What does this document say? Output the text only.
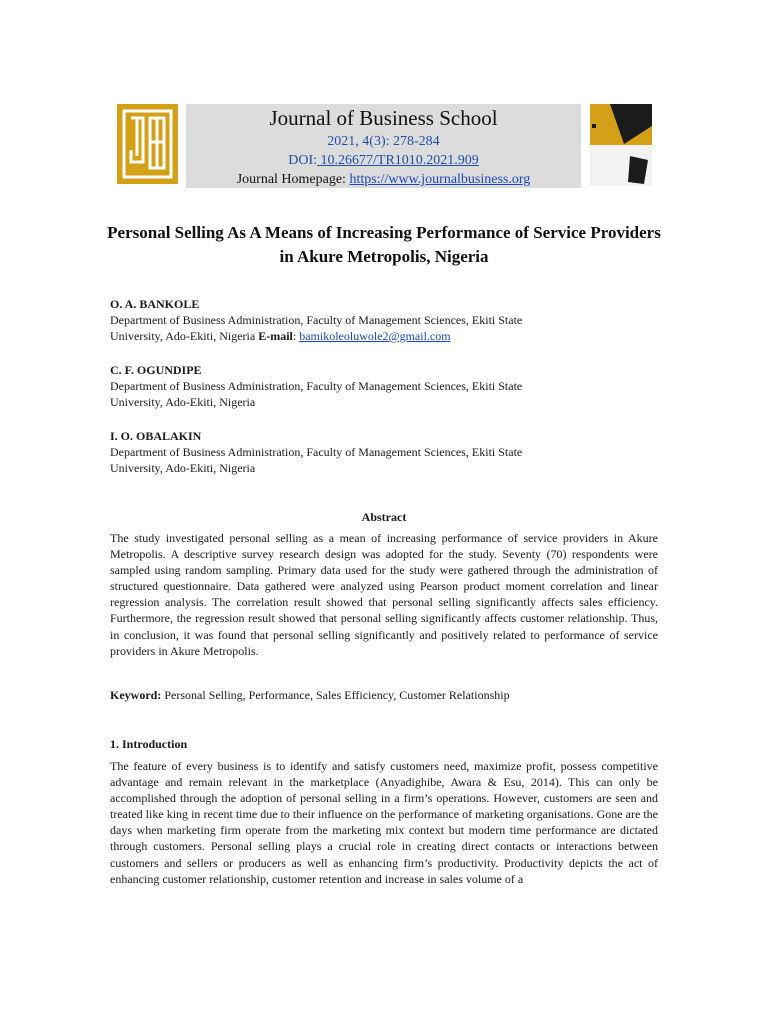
Journal of Business School
2021, 4(3): 278-284
DOI: 10.26677/TR1010.2021.909
Journal Homepage: https://www.journalbusiness.org
Personal Selling As A Means of Increasing Performance of Service Providers in Akure Metropolis, Nigeria
O. A. BANKOLE
Department of Business Administration, Faculty of Management Sciences, Ekiti State
University, Ado-Ekiti, Nigeria E-mail: bamikoleoluwole2@gmail.com
C. F. OGUNDIPE
Department of Business Administration, Faculty of Management Sciences, Ekiti State
University, Ado-Ekiti, Nigeria
I. O. OBALAKIN
Department of Business Administration, Faculty of Management Sciences, Ekiti State
University, Ado-Ekiti, Nigeria
Abstract
The study investigated personal selling as a mean of increasing performance of service providers in Akure Metropolis. A descriptive survey research design was adopted for the study. Seventy (70) respondents were sampled using random sampling. Primary data used for the study were gathered through the administration of structured questionnaire. Data gathered were analyzed using Pearson product moment correlation and linear regression analysis. The correlation result showed that personal selling significantly affects sales efficiency. Furthermore, the regression result showed that personal selling significantly affects customer relationship. Thus, in conclusion, it was found that personal selling significantly and positively related to performance of service providers in Akure Metropolis.
Keyword: Personal Selling, Performance, Sales Efficiency, Customer Relationship
1. Introduction
The feature of every business is to identify and satisfy customers need, maximize profit, possess competitive advantage and remain relevant in the marketplace (Anyadighibe, Awara & Esu, 2014). This can only be accomplished through the adoption of personal selling in a firm’s operations. However, customers are seen and treated like king in recent time due to their influence on the performance of marketing organisations. Gone are the days when marketing firm operate from the marketing mix context but modern time performance are dictated through customers. Personal selling plays a crucial role in creating direct contacts or interactions between customers and sellers or producers as well as enhancing firm’s productivity. Productivity depicts the act of enhancing customer relationship, customer retention and increase in sales volume of a
